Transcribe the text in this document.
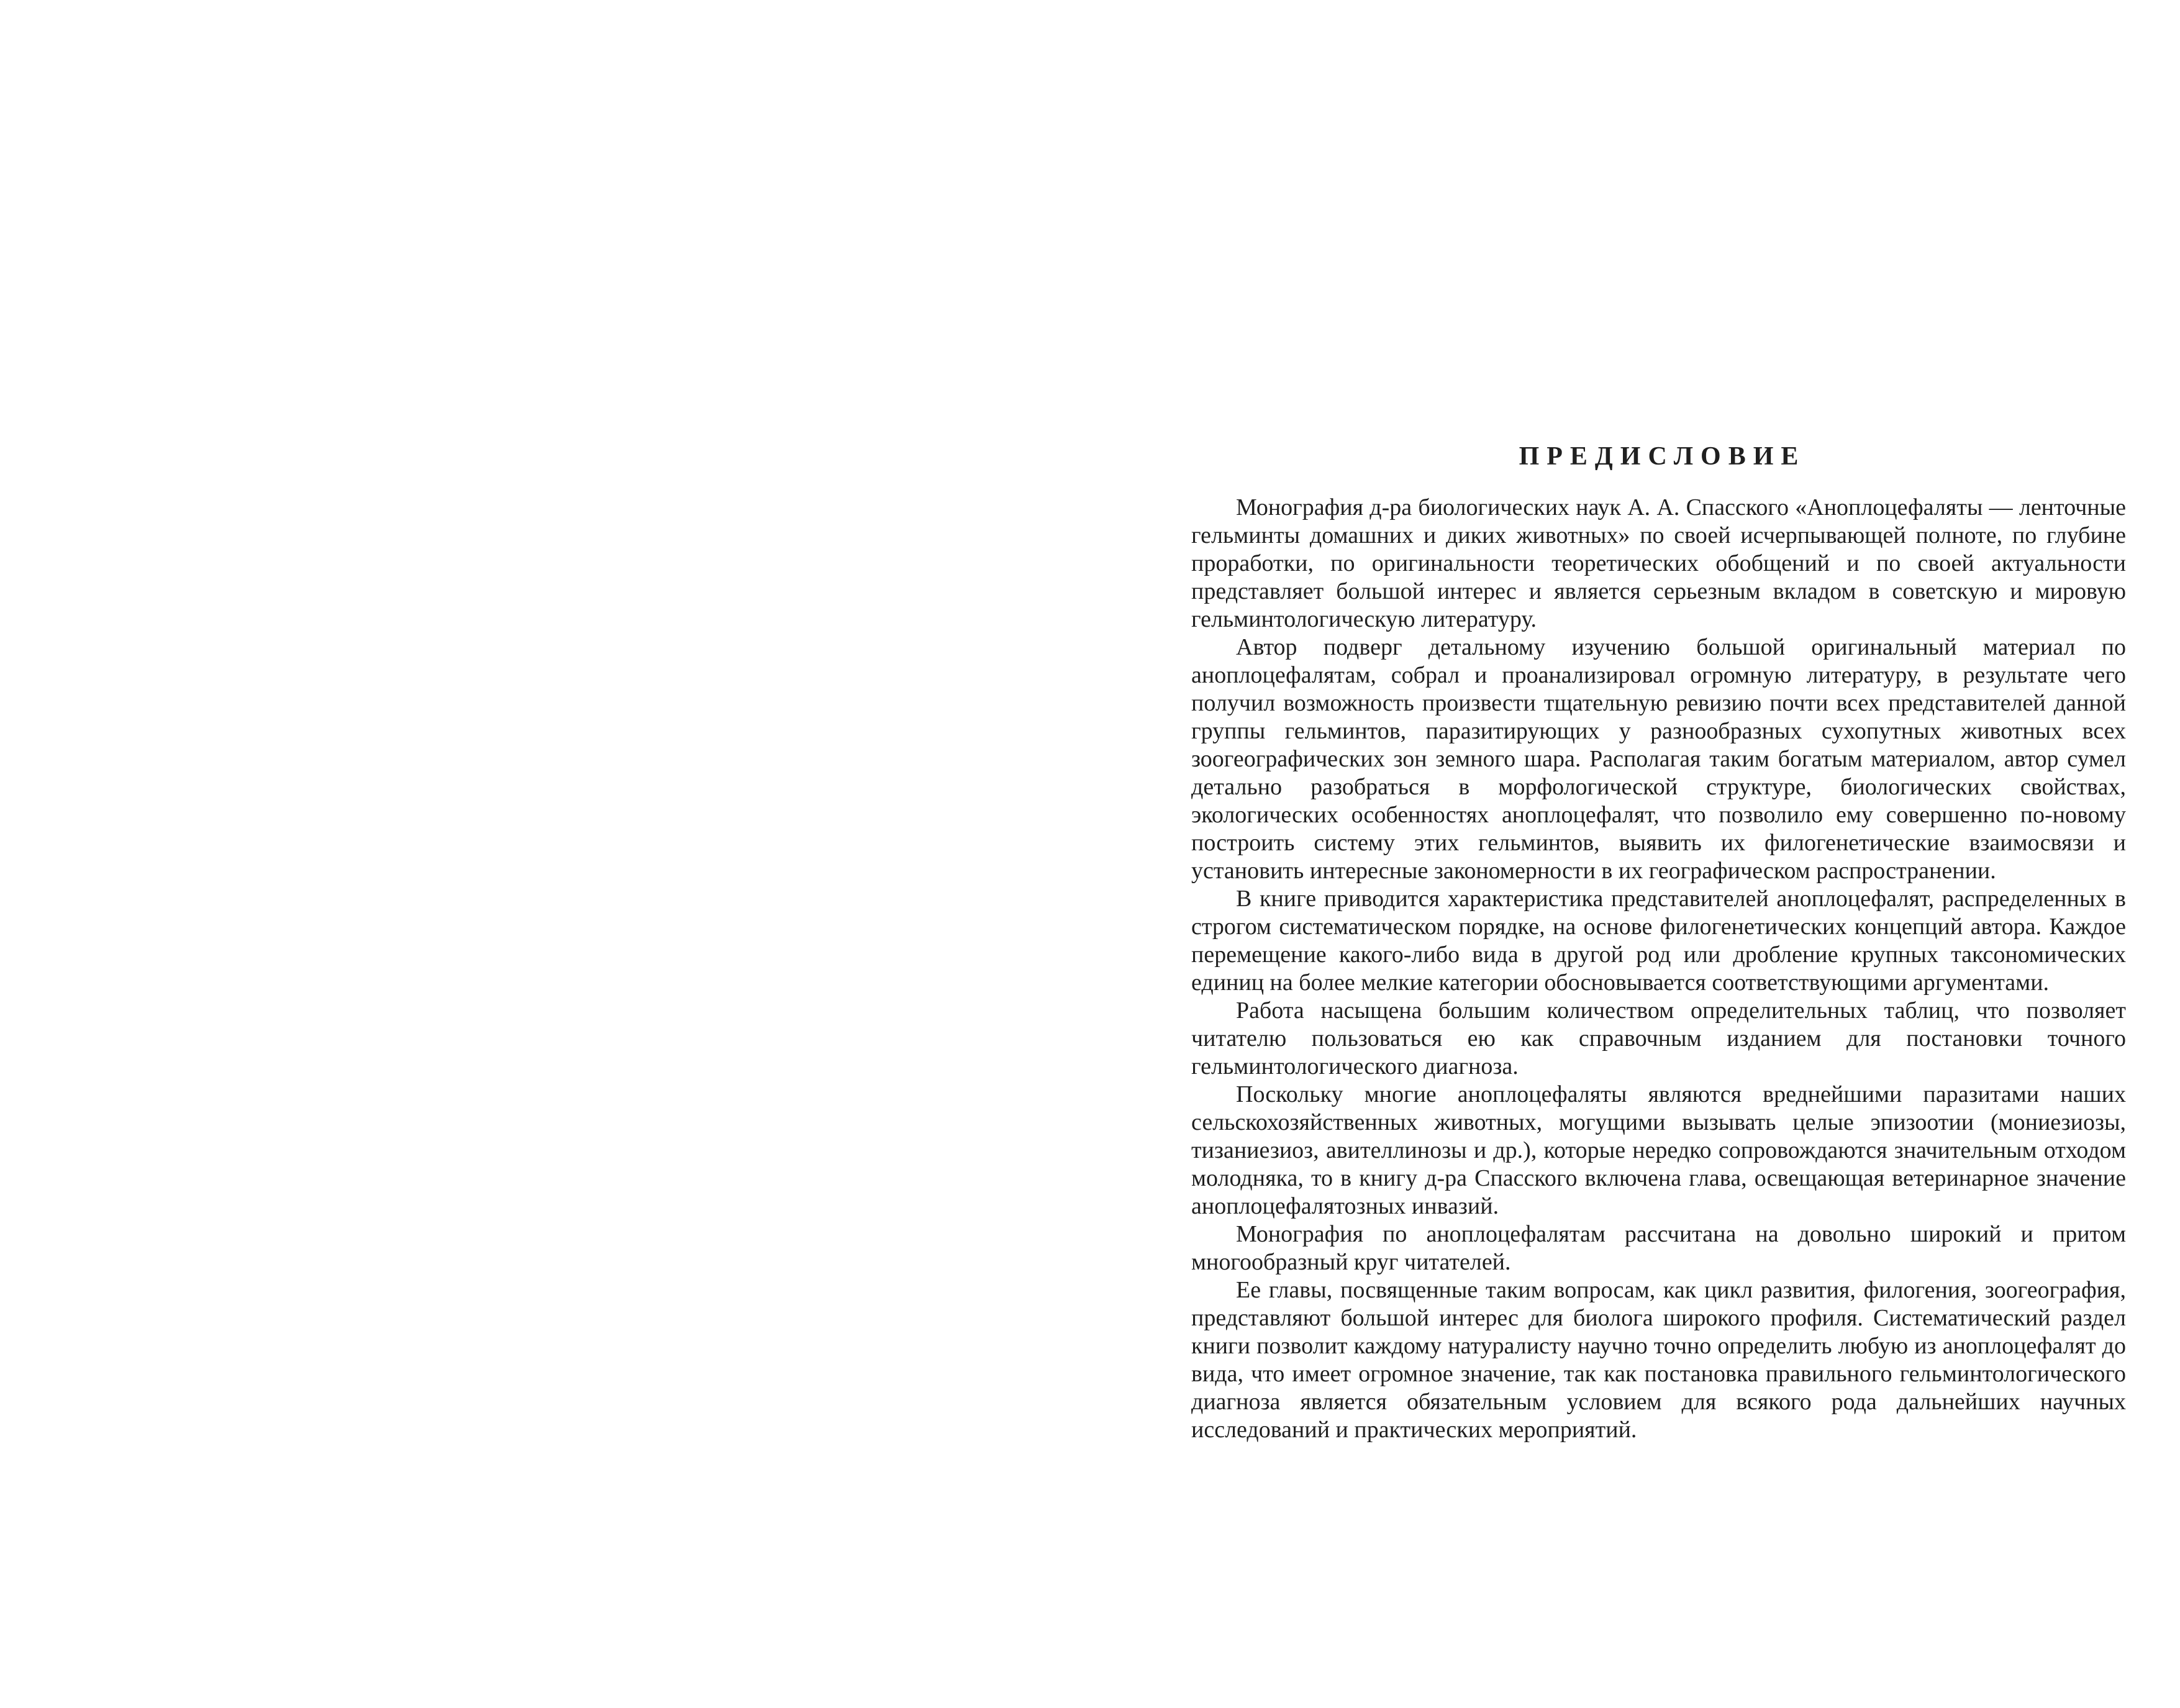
ПРЕДИСЛОВИЕ

Монография д-ра биологических наук А. А. Спасского «Аноплоцефаляты — ленточные гельминты домашних и диких животных» по своей исчерпывающей полноте, по глубине проработки, по оригинальности теоретических обобщений и по своей актуальности представляет большой интерес и является серьезным вкладом в советскую и мировую гельминтологическую литературу.

Автор подверг детальному изучению большой оригинальный материал по аноплоцефалятам, собрал и проанализировал огромную литературу, в результате чего получил возможность произвести тщательную ревизию почти всех представителей данной группы гельминтов, паразитирующих у разнообразных сухопутных животных всех зоогеографических зон земного шара. Располагая таким богатым материалом, автор сумел детально разобраться в морфологической структуре, биологических свойствах, экологических особенностях аноплоцефалят, что позволило ему совершенно по-новому построить систему этих гельминтов, выявить их филогенетические взаимосвязи и установить интересные закономерности в их географическом распространении.

В книге приводится характеристика представителей аноплоцефалят, распределенных в строгом систематическом порядке, на основе филогенетических концепций автора. Каждое перемещение какого-либо вида в другой род или дробление крупных таксономических единиц на более мелкие категории обосновывается соответствующими аргументами.

Работа насыщена большим количеством определительных таблиц, что позволяет читателю пользоваться ею как справочным изданием для постановки точного гельминтологического диагноза.

Поскольку многие аноплоцефаляты являются вреднейшими паразитами наших сельскохозяйственных животных, могущими вызывать целые эпизоотии (мониезиозы, тизаниезиоз, авителлинозы и др.), которые нередко сопровождаются значительным отходом молодняка, то в книгу д-ра Спасского включена глава, освещающая ветеринарное значение аноплоцефалятозных инвазий.

Монография по аноплоцефалятам рассчитана на довольно широкий и притом многообразный круг читателей.

Ее главы, посвященные таким вопросам, как цикл развития, филогения, зоогеография, представляют большой интерес для биолога широкого профиля. Систематический раздел книги позволит каждому натуралисту научно точно определить любую из аноплоцефалят до вида, что имеет огромное значение, так как постановка правильного гельминтологического диагноза является обязательным условием для всякого рода дальнейших научных исследований и практических мероприятий.
